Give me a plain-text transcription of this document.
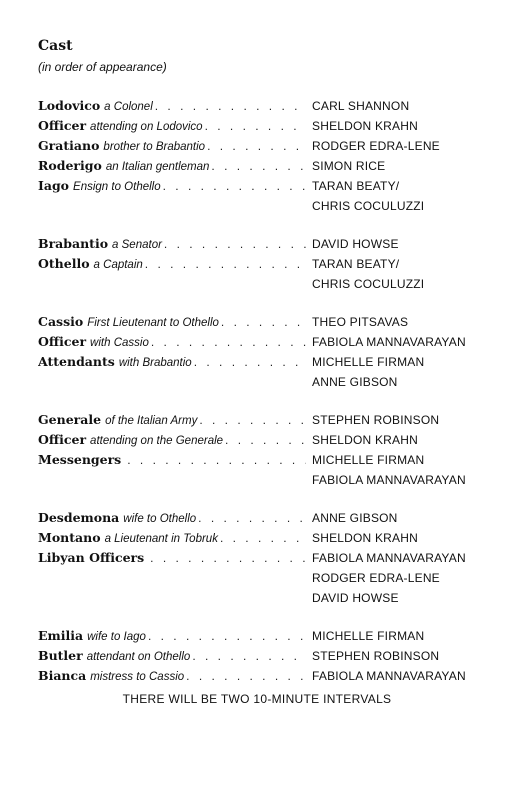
Cast
(in order of appearance)
Lodovico a Colonel . . .	CARL SHANNON
Officer attending on Lodovico . . .	SHELDON KRAHN
Gratiano brother to Brabantio . . .	RODGER EDRA-LENE
Roderigo an Italian gentleman . . .	SIMON RICE
Iago Ensign to Othello . . .	TARAN BEATY/
CHRIS COCULUZZI
Brabantio a Senator . . .	DAVID HOWSE
Othello a Captain . . .	TARAN BEATY/
CHRIS COCULUZZI
Cassio First Lieutenant to Othello . . .	THEO PITSAVAS
Officer with Cassio . . .	FABIOLA MANNAVARAYAN
Attendants with Brabantio . . .	MICHELLE FIRMAN
ANNE GIBSON
Generale of the Italian Army . . .	STEPHEN ROBINSON
Officer attending on the Generale . . .	SHELDON KRAHN
Messengers . . .	MICHELLE FIRMAN
FABIOLA MANNAVARAYAN
Desdemona wife to Othello . . .	ANNE GIBSON
Montano a Lieutenant in Tobruk . . .	SHELDON KRAHN
Libyan Officers . . .	FABIOLA MANNAVARAYAN
RODGER EDRA-LENE
DAVID HOWSE
Emilia wife to Iago . . .	MICHELLE FIRMAN
Butler attendant on Othello . . .	STEPHEN ROBINSON
Bianca mistress to Cassio . . .	FABIOLA MANNAVARAYAN
THERE WILL BE TWO 10-MINUTE INTERVALS
